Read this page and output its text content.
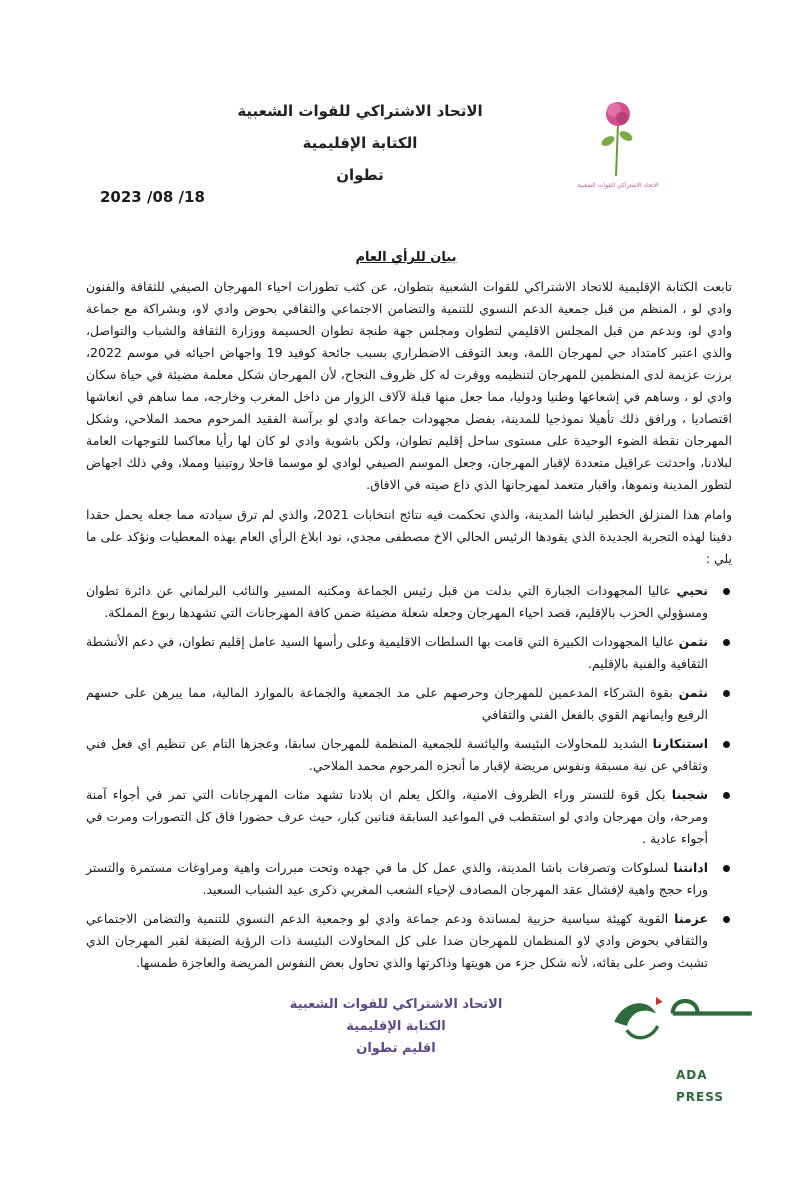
الاتحاد الاشتراكي للقوات الشعبية
الكتابة الإقليمية
تطوان
الاتحاد الاشتراكي للقوات الشعبية
2023 /08 /18
بيان للرأي العام

تابعت الكتابة الإقليمية للاتحاد الاشتراكي للقوات الشعبية بتطوان، عن كثب تطورات احياء المهرجان الصيفي للثقافة والفنون وادي لو ، المنظم من قبل جمعية الدعم النسوي للتنمية والتضامن الاجتماعي والثقافي بحوض وادي لاو، وبشراكة مع جماعة وادي لو، وبدعم من قبل المجلس الاقليمي لتطوان ومجلس جهة طنجة تطوان الحسيمة ووزارة الثقافة والشباب والتواصل، والذي اعتبر كامتداد حي لمهرجان اللمة، وبعد التوقف الاضطراري بسبب جائحة كوفيد 19 واجهاض احيائه في موسم 2022، برزت عزيمة لدى المنظمين للمهرجان لتنظيمه ووفرت له كل ظروف النجاح، لأن المهرجان شكل معلمة مضيئة في حياة سكان وادي لو ، وساهم في إشعاعها وطنيا ودوليا، مما جعل منها قبلة لآلاف الزوار من داخل المغرب وخارجه، مما ساهم في انعاشها اقتصاديا ، ورافق ذلك تأهيلا نموذجيا للمدينة، بفضل مجهودات جماعة وادي لو برآسة الفقيد المرحوم محمد الملاحي، وشكل المهرجان نقطة الضوء الوحيدة على مستوى ساحل إقليم تطوان، ولكن باشوية وادي لو كان لها رأيا معاكسا للتوجهات العامة لبلادنا، واحدثت عراقيل متعددة لإقبار المهرجان، وجعل الموسم الصيفي لوادي لو موسما قاحلا روتينيا ومملا، وفي ذلك اجهاض لتطور المدينة ونموها، واقبار متعمد لمهرجانها الذي ذاع صيته في الافاق.

وامام هذا المنزلق الخطير لباشا المدينة، والذي تحكمت فيه نتائج انتخابات 2021، والذي لم ترق سيادته مما جعله يحمل حقدا دفينا لهذه التجربة الجديدة الذي يقودها الرئيس الحالي الاخ مصطفى مجدي، نود ابلاغ الرأي العام بهذه المعطيات ونؤكد على ما يلي :

نحيي عاليا المجهودات الجبارة التي بدلت من قبل رئيس الجماعة ومكتبه المسير والنائب البرلماني عن دائرة تطوان ومسؤولي الحزب بالإقليم، قصد احياء المهرجان وجعله شعلة مضيئة ضمن كافة المهرجانات التي تشهدها ربوع المملكة.
نثمن عاليا المجهودات الكبيرة التي قامت بها السلطات الاقليمية وعلى رأسها السيد عامل إقليم تطوان، في دعم الأنشطة الثقافية والفنية بالإقليم.
نثمن بقوة الشركاء المدعمين للمهرجان وحرصهم على مد الجمعية والجماعة بالموارد المالية، مما يبرهن على حسهم الرفيع وايمانهم القوي بالفعل الفني والثقافي
استنكارنا الشديد للمحاولات البئيسة واليائسة للجمعية المنظمة للمهرجان سابقا، وعجزها التام عن تنظيم اي فعل فني وثقافي عن نية مسبقة ونفوس مريضة لإقبار ما أنجزه المرحوم محمد الملاحي.
شجبنا بكل قوة للتستر وراء الظروف الامنية، والكل يعلم ان بلادنا تشهد مئات المهرجانات التي تمر في أجواء آمنة ومرحة، وان مهرجان وادي لو استقطب في المواعيد السابقة فنانين كبار، حيث عرف حضورا فاق كل التصورات ومرت في أجواء عادية .
ادانتنا لسلوكات وتصرفات باشا المدينة، والذي عمل كل ما في جهده وتحت مبررات واهية ومراوغات مستمرة والتستر وراء حجج واهية لإفشال عقد المهرجان المصادف لإحياء الشعب المغربي ذكرى عيد الشباب السعيد.
عزمنا القوية كهيئة سياسية حزبية لمساندة ودعم جماعة وادي لو وجمعية الدعم النسوي للتنمية والتضامن الاجتماعي والثقافي بحوض وادي لاو المنظمان للمهرجان ضدا على كل المحاولات البئيسة ذات الرؤية الضيقة لقبر المهرجان الذي تشبث وصر على بقائه، لأنه شكل جزء من هويتها وذاكرتها والذي تحاول بعض النفوس المريضة والعاجزة طمسها.
الاتحاد الاشتراكي للقوات الشعبية
الكتابة الإقليمية
اقليم تطوان
ADA PRESS
